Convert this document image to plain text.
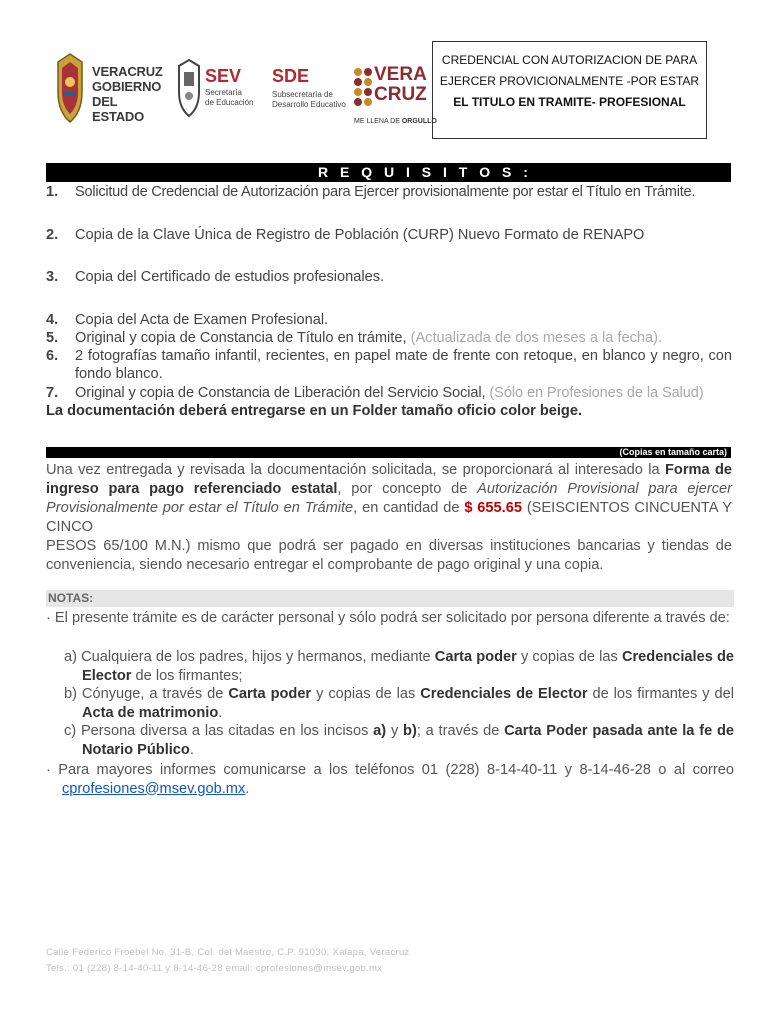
VERACRUZ
GOBIERNO
DEL ESTADO
SEV
Secretaría
de Educación
SDE
Subsecretaría de
Desarrollo Educativo
VERA
CRUZ
ME LLENA DE ORGULLO
CREDENCIAL CON AUTORIZACION DE PARA
EJERCER PROVICIONALMENTE -POR ESTAR
EL TITULO EN TRAMITE- PROFESIONAL
R E Q U I S I T O S :
1. Solicitud de Credencial de Autorización para Ejercer provisionalmente por estar el Título en Trámite.
2. Copia de la Clave Única de Registro de Población (CURP) Nuevo Formato de RENAPO
3. Copia del Certificado de estudios profesionales.
4. Copia del Acta de Examen Profesional.
5. Original y copia de Constancia de Título en trámite, (Actualizada de dos meses a la fecha).
6. 2 fotografías tamaño infantil, recientes, en papel mate de frente con retoque, en blanco y negro, con fondo blanco.
7. Original y copia de Constancia de Liberación del Servicio Social, (Sólo en Profesiones de la Salud)
La documentación deberá entregarse en un Folder tamaño oficio color beige.
(Copias en tamaño carta)
Una vez entregada y revisada la documentación solicitada, se proporcionará al interesado la Forma de ingreso para pago referenciado estatal, por concepto de Autorización Provisional para ejercer Provisionalmente por estar el Título en Trámite, en cantidad de $ 655.65 (SEISCIENTOS CINCUENTA Y CINCO
PESOS 65/100 M.N.) mismo que podrá ser pagado en diversas instituciones bancarias y tiendas de conveniencia, siendo necesario entregar el comprobante de pago original y una copia.
NOTAS:
· El presente trámite es de carácter personal y sólo podrá ser solicitado por persona diferente a través de:
a) Cualquiera de los padres, hijos y hermanos, mediante Carta poder y copias de las Credenciales de Elector de los firmantes;
b) Cónyuge, a través de Carta poder y copias de las Credenciales de Elector de los firmantes y del Acta de matrimonio.
c) Persona diversa a las citadas en los incisos a) y b); a través de Carta Poder pasada ante la fe de Notario Público.
· Para mayores informes comunicarse a los teléfonos 01 (228) 8-14-40-11 y 8-14-46-28 o al correo cprofesiones@msev.gob.mx.
Calle Federico Froebel No. 31-B, Col. del Maestro, C.P. 91030, Xalapa, Veracruz
Tels.: 01 (228) 8-14-40-11 y 8-14-46-28 email: cprofesiones@msev.gob.mx
